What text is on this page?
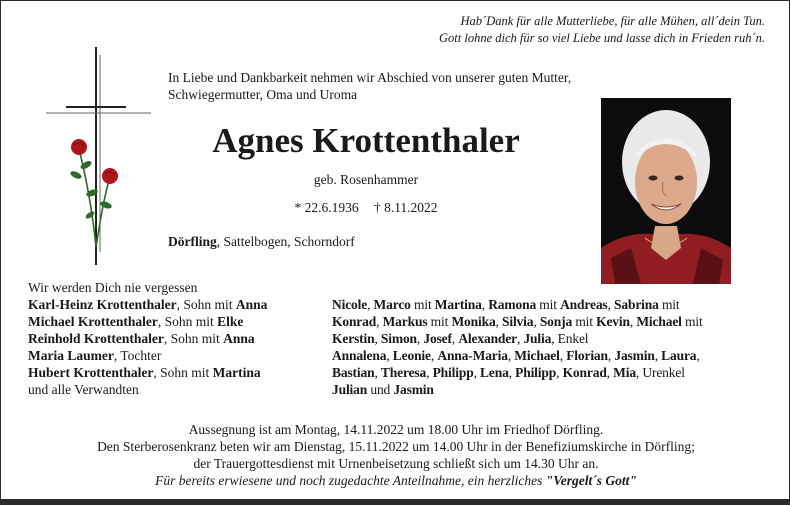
Hab´Dank für alle Mutterliebe, für alle Mühen, all´dein Tun.
Gott lohne dich für so viel Liebe und lasse dich in Frieden ruh´n.
In Liebe und Dankbarkeit nehmen wir Abschied von unserer guten Mutter, Schwiegermutter, Oma und Uroma
Agnes Krottenthaler
geb. Rosenhammer
* 22.6.1936 † 8.11.2022
Dörfling, Sattelbogen, Schorndorf
Wir werden Dich nie vergessen
Karl-Heinz Krottenthaler, Sohn mit Anna
Michael Krottenthaler, Sohn mit Elke
Reinhold Krottenthaler, Sohn mit Anna
Maria Laumer, Tochter
Hubert Krottenthaler, Sohn mit Martina
und alle Verwandten
Nicole, Marco mit Martina, Ramona mit Andreas, Sabrina mit
Konrad, Markus mit Monika, Silvia, Sonja mit Kevin, Michael mit
Kerstin, Simon, Josef, Alexander, Julia, Enkel
Annalena, Leonie, Anna-Maria, Michael, Florian, Jasmin, Laura,
Bastian, Theresa, Philipp, Lena, Philipp, Konrad, Mia, Urenkel
Julian und Jasmin
Aussegnung ist am Montag, 14.11.2022 um 18.00 Uhr im Friedhof Dörfling.
Den Sterberosenkranz beten wir am Dienstag, 15.11.2022 um 14.00 Uhr in der Benefiziumskirche in Dörfling;
der Trauergottesdienst mit Urnenbeisetzung schließt sich um 14.30 Uhr an.
Für bereits erwiesene und noch zugedachte Anteilnahme, ein herzliches "Vergelt´s Gott"
